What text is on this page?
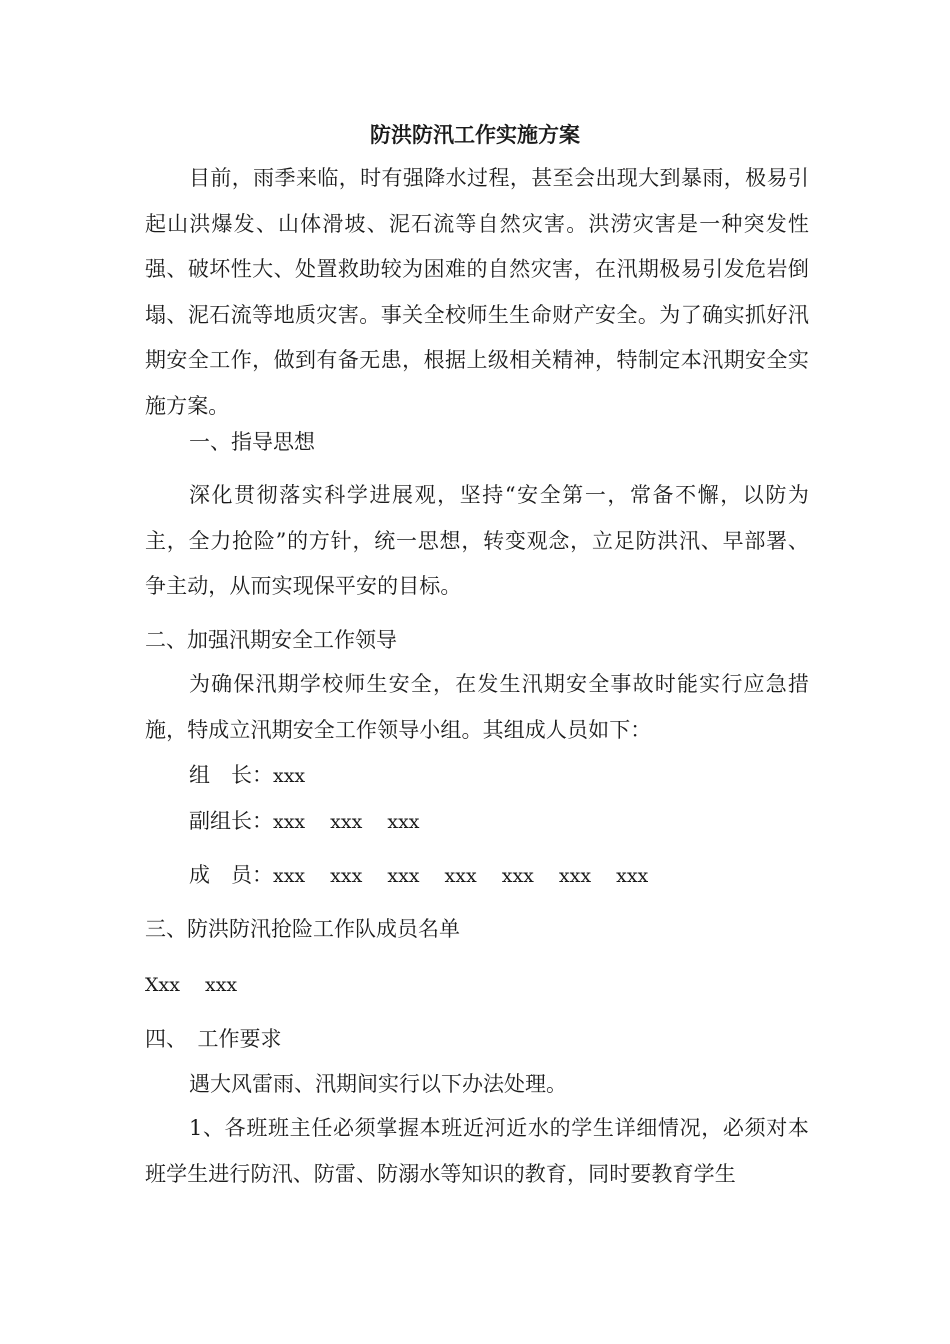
防洪防汛工作实施方案
目前，雨季来临，时有强降水过程，甚至会出现大到暴雨，极易引起山洪爆发、山体滑坡、泥石流等自然灾害。洪涝灾害是一种突发性强、破坏性大、处置救助较为困难的自然灾害，在汛期极易引发危岩倒塌、泥石流等地质灾害。事关全校师生生命财产安全。为了确实抓好汛期安全工作，做到有备无患，根据上级相关精神，特制定本汛期安全实施方案。
一、指导思想
深化贯彻落实科学进展观，坚持“安全第一，常备不懈，以防为主，全力抢险”的方针，统一思想，转变观念，立足防洪汛、早部署、争主动，从而实现保平安的目标。
二、加强汛期安全工作领导
为确保汛期学校师生安全，在发生汛期安全事故时能实行应急措施，特成立汛期安全工作领导小组。其组成人员如下：
组　长：xxx
副组长：xxx　 xxx　 xxx
成　员：xxx　 xxx　 xxx　 xxx　 xxx　 xxx　 xxx
三、防洪防汛抢险工作队成员名单
Xxx　 xxx
四、　工作要求
遇大风雷雨、汛期间实行以下办法处理。
1、各班班主任必须掌握本班近河近水的学生详细情况，必须对本班学生进行防汛、防雷、防溺水等知识的教育，同时要教育学生
